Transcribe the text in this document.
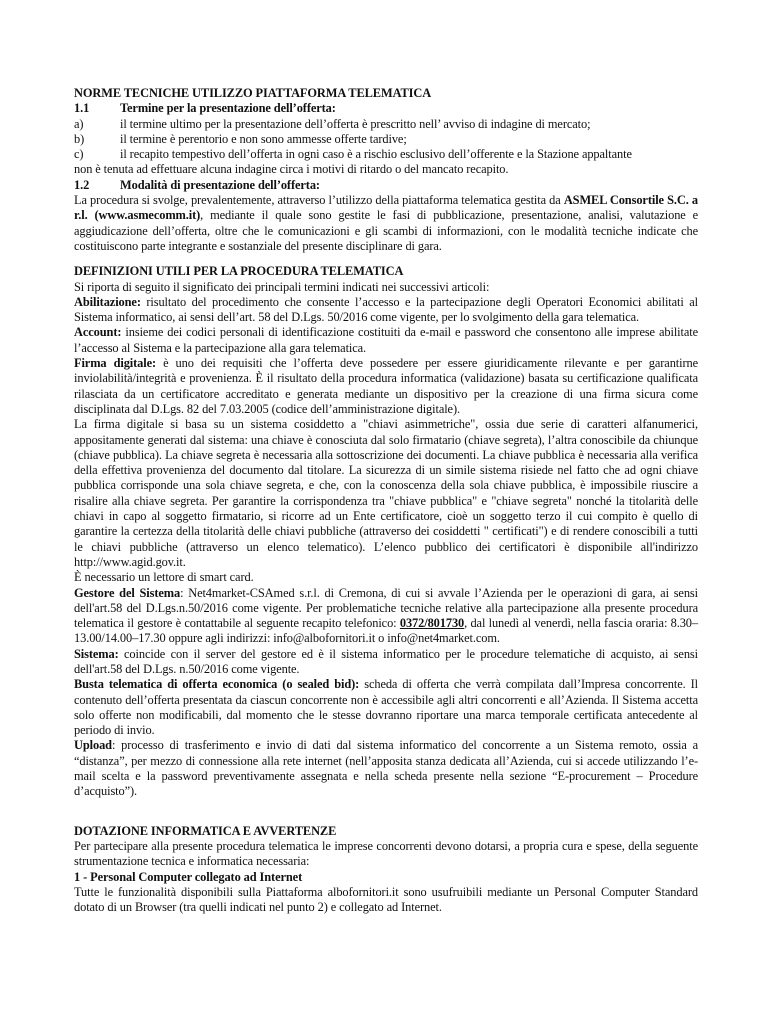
NORME TECNICHE UTILIZZO PIATTAFORMA TELEMATICA

1.1	Termine per la presentazione dell’offerta:
a)	il termine ultimo per la presentazione dell’offerta è prescritto nell’ avviso di indagine di mercato;
b)	il termine è perentorio e non sono ammesse offerte tardive;
c)	il recapito tempestivo dell’offerta in ogni caso è a rischio esclusivo dell’offerente e la Stazione appaltante

non è tenuta ad effettuare alcuna indagine circa i motivi di ritardo o del mancato recapito.

1.2	Modalità di presentazione dell’offerta:

La procedura si svolge, prevalentemente, attraverso l’utilizzo della piattaforma telematica gestita da ASMEL Consortile S.C. a r.l. (www.asmecomm.it), mediante il quale sono gestite le fasi di pubblicazione, presentazione, analisi, valutazione e aggiudicazione dell’offerta, oltre che le comunicazioni e gli scambi di informazioni, con le modalità tecniche indicate che costituiscono parte integrante e sostanziale del presente disciplinare di gara.

DEFINIZIONI UTILI PER LA PROCEDURA TELEMATICA

Si riporta di seguito il significato dei principali termini indicati nei successivi articoli:

Abilitazione: risultato del procedimento che consente l’accesso e la partecipazione degli Operatori Economici abilitati al Sistema informatico, ai sensi dell’art. 58 del D.Lgs. 50/2016 come vigente, per lo svolgimento della gara telematica.

Account: insieme dei codici personali di identificazione costituiti da e-mail e password che consentono alle imprese abilitate l’accesso al Sistema e la partecipazione alla gara telematica.

Firma digitale: è uno dei requisiti che l’offerta deve possedere per essere giuridicamente rilevante e per garantirne inviolabilità/integrità e provenienza. È il risultato della procedura informatica (validazione) basata su certificazione qualificata rilasciata da un certificatore accreditato e generata mediante un dispositivo per la creazione di una firma sicura come disciplinata dal D.Lgs. 82 del 7.03.2005 (codice dell’amministrazione digitale).

La firma digitale si basa su un sistema cosiddetto a "chiavi asimmetriche", ossia due serie di caratteri alfanumerici, appositamente generati dal sistema: una chiave è conosciuta dal solo firmatario (chiave segreta), l’altra conoscibile da chiunque (chiave pubblica). La chiave segreta è necessaria alla sottoscrizione dei documenti. La chiave pubblica è necessaria alla verifica della effettiva provenienza del documento dal titolare. La sicurezza di un simile sistema risiede nel fatto che ad ogni chiave pubblica corrisponde una sola chiave segreta, e che, con la conoscenza della sola chiave pubblica, è impossibile riuscire a risalire alla chiave segreta. Per garantire la corrispondenza tra "chiave pubblica" e "chiave segreta" nonché la titolarità delle chiavi in capo al soggetto firmatario, si ricorre ad un Ente certificatore, cioè un soggetto terzo il cui compito è quello di garantire la certezza della titolarità delle chiavi pubbliche (attraverso dei cosiddetti " certificati") e di rendere conoscibili a tutti le chiavi pubbliche (attraverso un elenco telematico). L’elenco pubblico dei certificatori è disponibile all'indirizzo http://www.agid.gov.it.

È necessario un lettore di smart card.

Gestore del Sistema: Net4market-CSAmed s.r.l. di Cremona, di cui si avvale l’Azienda per le operazioni di gara, ai sensi dell'art.58 del D.Lgs.n.50/2016 come vigente. Per problematiche tecniche relative alla partecipazione alla presente procedura telematica il gestore è contattabile al seguente recapito telefonico: 0372/801730, dal lunedì al venerdì, nella fascia oraria: 8.30–13.00/14.00–17.30 oppure agli indirizzi: info@albofornitori.it o info@net4market.com.

Sistema: coincide con il server del gestore ed è il sistema informatico per le procedure telematiche di acquisto, ai sensi dell'art.58 del D.Lgs. n.50/2016 come vigente.

Busta telematica di offerta economica (o sealed bid): scheda di offerta che verrà compilata dall’Impresa concorrente. Il contenuto dell’offerta presentata da ciascun concorrente non è accessibile agli altri concorrenti e all’Azienda. Il Sistema accetta solo offerte non modificabili, dal momento che le stesse dovranno riportare una marca temporale certificata antecedente al periodo di invio.

Upload: processo di trasferimento e invio di dati dal sistema informatico del concorrente a un Sistema remoto, ossia a “distanza”, per mezzo di connessione alla rete internet (nell’apposita stanza dedicata all’Azienda, cui si accede utilizzando l’e-mail scelta e la password preventivamente assegnata e nella scheda presente nella sezione “E-procurement – Procedure d’acquisto”).

DOTAZIONE INFORMATICA E AVVERTENZE

Per partecipare alla presente procedura telematica le imprese concorrenti devono dotarsi, a propria cura e spese, della seguente strumentazione tecnica e informatica necessaria:

1 - Personal Computer collegato ad Internet

Tutte le funzionalità disponibili sulla Piattaforma albofornitori.it sono usufruibili mediante un Personal Computer Standard dotato di un Browser (tra quelli indicati nel punto 2) e collegato ad Internet.
